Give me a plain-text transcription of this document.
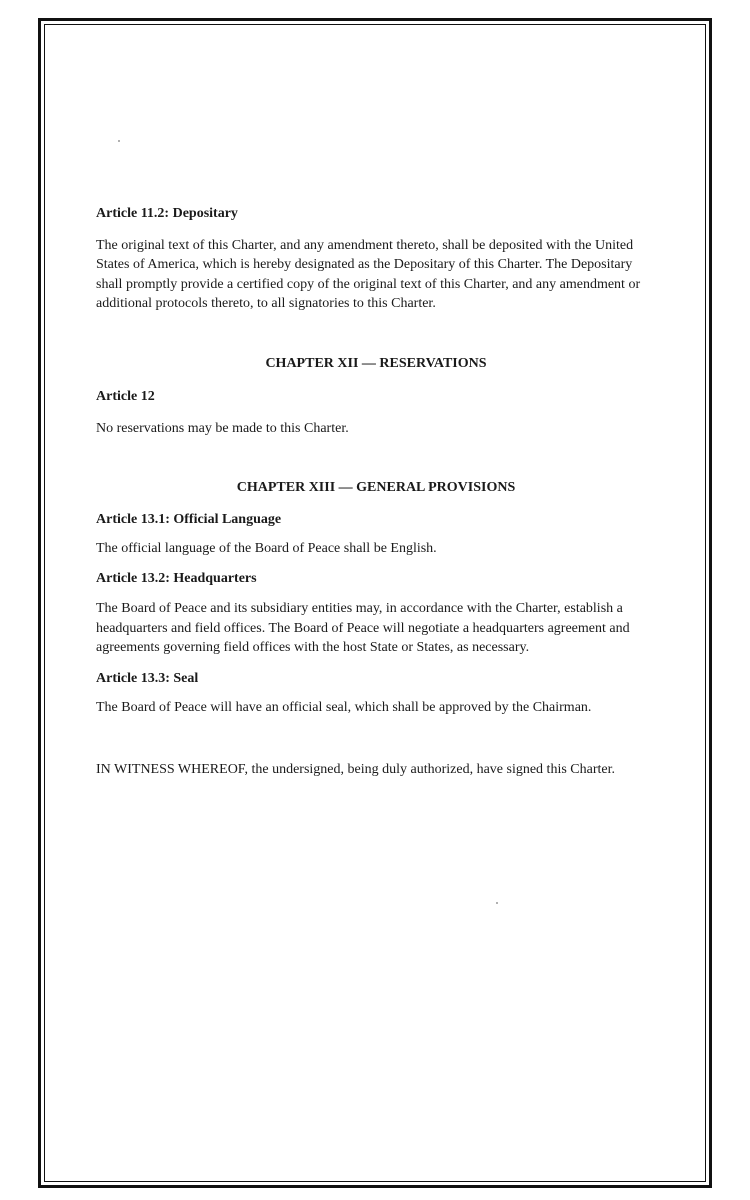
Article 11.2: Depositary

The original text of this Charter, and any amendment thereto, shall be deposited with the United

States of America, which is hereby designated as the Depositary of this Charter. The Depositary

shall promptly provide a certified copy of the original text of this Charter, and any amendment or

additional protocols thereto, to all signatories to this Charter.

CHAPTER XII — RESERVATIONS

Article 12

No reservations may be made to this Charter.

CHAPTER XIII — GENERAL PROVISIONS

Article 13.1: Official Language

The official language of the Board of Peace shall be English.

Article 13.2: Headquarters

The Board of Peace and its subsidiary entities may, in accordance with the Charter, establish a

headquarters and field offices. The Board of Peace will negotiate a headquarters agreement and

agreements governing field offices with the host State or States, as necessary.

Article 13.3: Seal

The Board of Peace will have an official seal, which shall be approved by the Chairman.

IN WITNESS WHEREOF, the undersigned, being duly authorized, have signed this Charter.
